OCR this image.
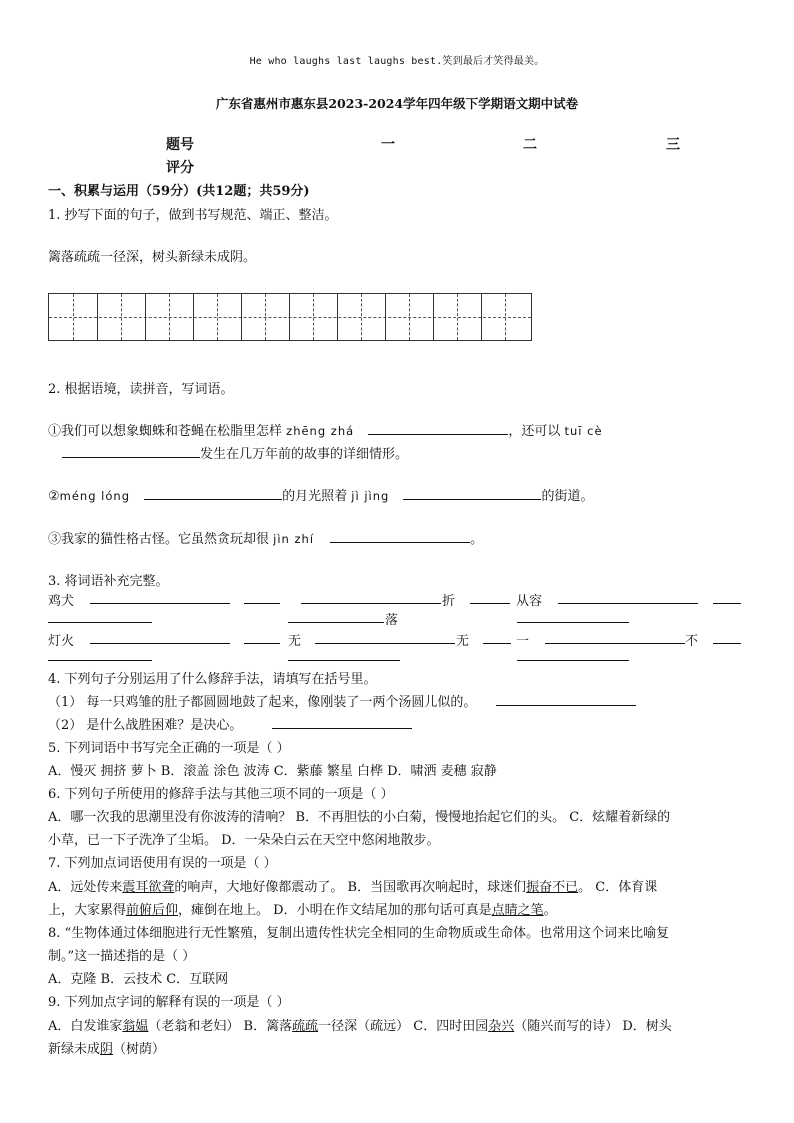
He who laughs last laughs best.笑到最后才笑得最美。
广东省惠州市惠东县2023-2024学年四年级下学期语文期中试卷
题号	一	二	三
评分
一、积累与运用（59分）(共12题；共59分)
1. 抄写下面的句子，做到书写规范、端正、整洁。
篱落疏疏一径深，树头新绿未成阴。
2. 根据语境，读拼音，写词语。
①我们可以想象蜘蛛和苍蝇在松脂里怎样 zhēng zhá	，还可以 tuī cè
发生在几万年前的故事的详细情形。
②méng lóng	的月光照着 jì jìng	的街道。
③我家的猫性格古怪。它虽然贪玩却很 jìn zhí	。
3. 将词语补充完整。
鸡犬	折	从容
落
灯火	无	无	一	不
4. 下列句子分别运用了什么修辞手法，请填写在括号里。
（1） 每一只鸡雏的肚子都圆圆地鼓了起来，像刚装了一两个汤圆儿似的。
（2） 是什么战胜困难？是决心。
5. 下列词语中书写完全正确的一项是（ ）
A．慢灭 拥挤 萝卜 B．滚盖 涂色 波涛 C．紫藤 繁星 白桦 D．啸洒 麦穗 寂静
6. 下列句子所使用的修辞手法与其他三项不同的一项是（ ）
A．哪一次我的思潮里没有你波涛的清响？ B．不再胆怯的小白菊，慢慢地抬起它们的头。 C．炫耀着新绿的
小草，已一下子洗净了尘垢。 D．一朵朵白云在天空中悠闲地散步。
7. 下列加点词语使用有误的一项是（ ）
A．远处传来震耳欲聋的响声，大地好像都震动了。 B．当国歌再次响起时，球迷们振奋不已。 C．体育课
上，大家累得前俯后仰，瘫倒在地上。 D．小明在作文结尾加的那句话可真是点睛之笔。
8. “生物体通过体细胞进行无性繁殖，复制出遗传性状完全相同的生命物质或生命体。也常用这个词来比喻复
制。”这一描述指的是（ ）
A．克隆 B．云技术 C．互联网
9. 下列加点字词的解释有误的一项是（ ）
A．白发谁家翁媪（老翁和老妇） B．篱落疏疏一径深（疏远） C．四时田园杂兴（随兴而写的诗） D．树头
新绿未成阴（树荫）
